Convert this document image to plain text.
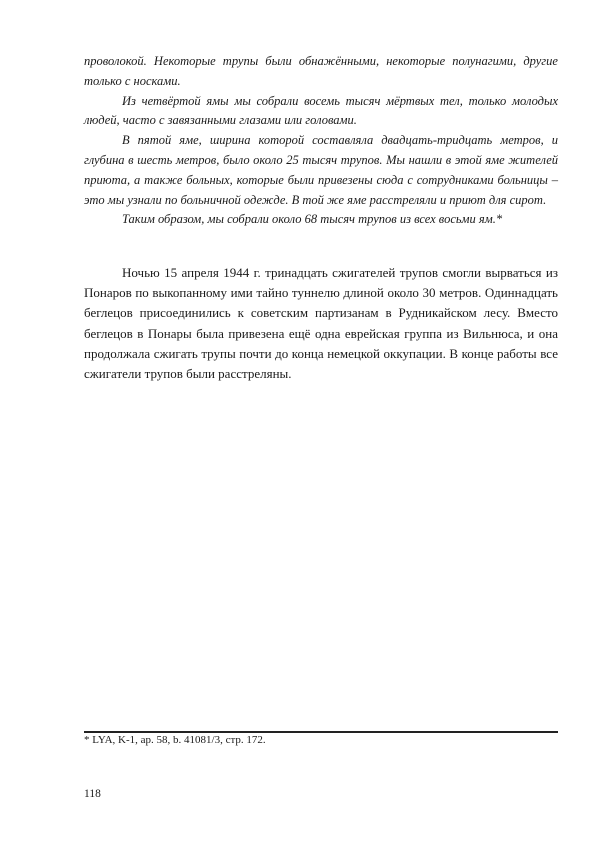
проволокой. Некоторые трупы были обнажёнными, некоторые полунагими, другие только с носками.

Из четвёртой ямы мы собрали восемь тысяч мёртвых тел, только молодых людей, часто с завязанными глазами или головами.

В пятой яме, ширина которой составляла двадцать-тридцать метров, и глубина в шесть метров, было около 25 тысяч трупов. Мы нашли в этой яме жителей приюта, а также больных, которые были привезены сюда с сотрудниками больницы – это мы узнали по больничной одежде. В той же яме расстреляли и приют для сирот.

Таким образом, мы собрали около 68 тысяч трупов из всех восьми ям.*

Ночью 15 апреля 1944 г. тринадцать сжигателей трупов смогли вырваться из Понаров по выкопанному ими тайно туннелю длиной около 30 метров. Одиннадцать беглецов присоединились к советским партизанам в Рудникайском лесу. Вместо беглецов в Понары была привезена ещё одна еврейская группа из Вильнюса, и она продолжала сжигать трупы почти до конца немецкой оккупации. В конце работы все сжигатели трупов были расстреляны.

* LYA, K-1, ap. 58, b. 41081/3, стр. 172.
118
